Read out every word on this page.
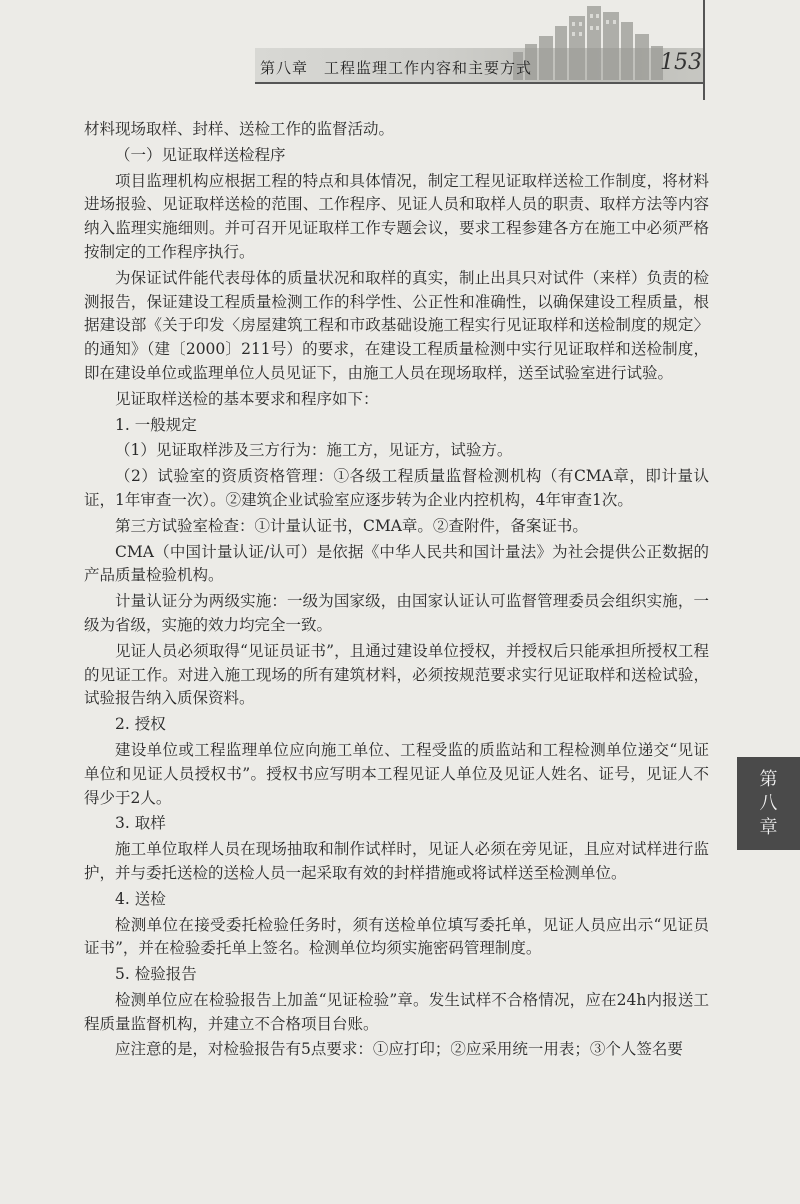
第八章 工程监理工作内容和主要方式	153

材料现场取样、封样、送检工作的监督活动。

（一）见证取样送检程序

项目监理机构应根据工程的特点和具体情况，制定工程见证取样送检工作制度，将材料进场报验、见证取样送检的范围、工作程序、见证人员和取样人员的职责、取样方法等内容纳入监理实施细则。并可召开见证取样工作专题会议，要求工程参建各方在施工中必须严格按制定的工作程序执行。

为保证试件能代表母体的质量状况和取样的真实，制止出具只对试件（来样）负责的检测报告，保证建设工程质量检测工作的科学性、公正性和准确性，以确保建设工程质量，根据建设部《关于印发〈房屋建筑工程和市政基础设施工程实行见证取样和送检制度的规定〉的通知》（建〔2000〕211号）的要求，在建设工程质量检测中实行见证取样和送检制度，即在建设单位或监理单位人员见证下，由施工人员在现场取样，送至试验室进行试验。

见证取样送检的基本要求和程序如下：

1. 一般规定

（1）见证取样涉及三方行为：施工方，见证方，试验方。

（2）试验室的资质资格管理：①各级工程质量监督检测机构（有CMA章，即计量认证，1年审查一次）。②建筑企业试验室应逐步转为企业内控机构，4年审查1次。

第三方试验室检查：①计量认证书，CMA章。②查附件，备案证书。

CMA（中国计量认证/认可）是依据《中华人民共和国计量法》为社会提供公正数据的产品质量检验机构。

计量认证分为两级实施：一级为国家级，由国家认证认可监督管理委员会组织实施，一级为省级，实施的效力均完全一致。

见证人员必须取得“见证员证书”，且通过建设单位授权，并授权后只能承担所授权工程的见证工作。对进入施工现场的所有建筑材料，必须按规范要求实行见证取样和送检试验，试验报告纳入质保资料。

2. 授权

建设单位或工程监理单位应向施工单位、工程受监的质监站和工程检测单位递交“见证单位和见证人员授权书”。授权书应写明本工程见证人单位及见证人姓名、证号，见证人不得少于2人。

3. 取样

施工单位取样人员在现场抽取和制作试样时，见证人必须在旁见证，且应对试样进行监护，并与委托送检的送检人员一起采取有效的封样措施或将试样送至检测单位。

4. 送检

检测单位在接受委托检验任务时，须有送检单位填写委托单，见证人员应出示“见证员证书”，并在检验委托单上签名。检测单位均须实施密码管理制度。

5. 检验报告

检测单位应在检验报告上加盖“见证检验”章。发生试样不合格情况，应在24h内报送工程质量监督机构，并建立不合格项目台账。

应注意的是，对检验报告有5点要求：①应打印；②应采用统一用表；③个人签名要

第
八
章
